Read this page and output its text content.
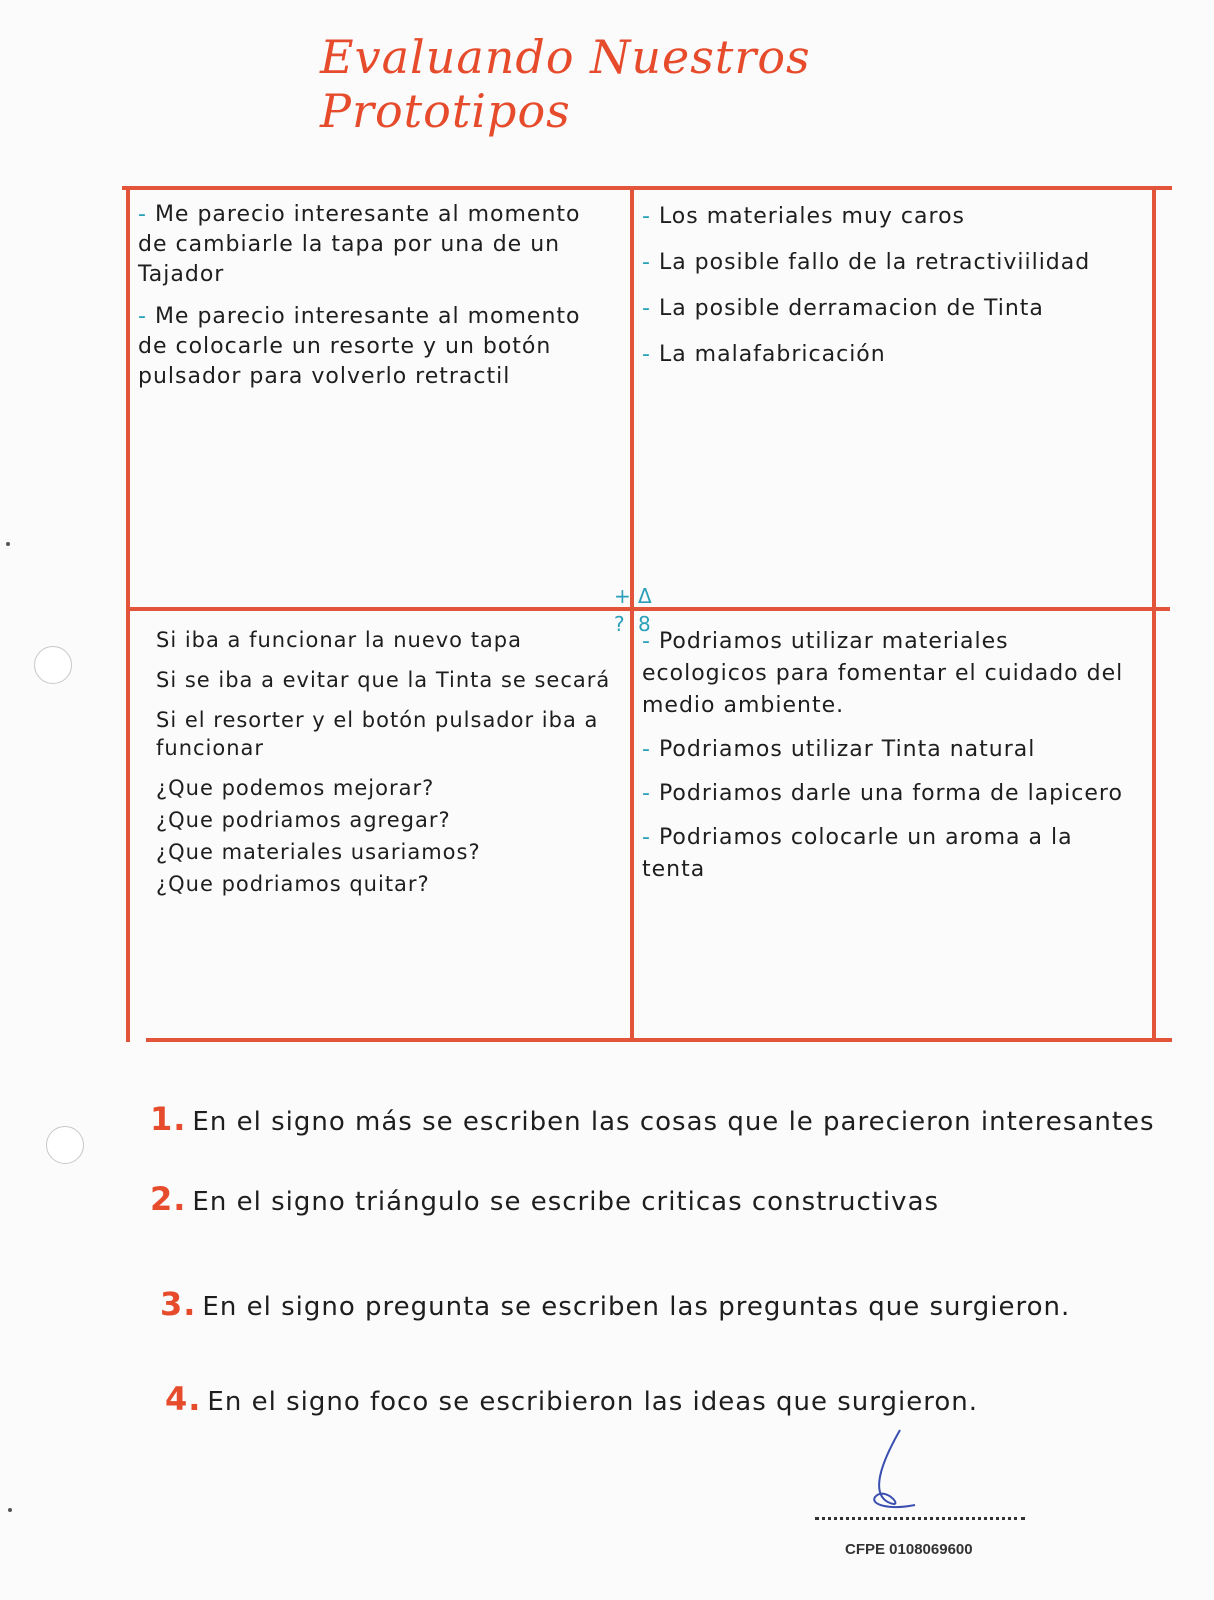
Evaluando Nuestros Prototipos
+ Δ
? 8

- Me parecio interesante al momento de cambiarle la tapa por una de un Tajador

- Me parecio interesante al momento de colocarle un resorte y un botón pulsador para volverlo retractil

- Los materiales muy caros

- La posible fallo de la retractiviilidad

- La posible derramacion de Tinta

- La malafabricación

Si iba a funcionar la nuevo tapa

Si se iba a evitar que la Tinta se secará

Si el resorter y el botón pulsador iba a funcionar

¿Que podemos mejorar?

¿Que podriamos agregar?

¿Que materiales usariamos?

¿Que podriamos quitar?

- Podriamos utilizar materiales ecologicos para fomentar el cuidado del medio ambiente.

- Podriamos utilizar Tinta natural

- Podriamos darle una forma de lapicero

- Podriamos colocarle un aroma a la tenta

1. En el signo más se escriben las cosas que le parecieron interesantes
2. En el signo triángulo se escribe criticas constructivas
3. En el signo pregunta se escriben las preguntas que surgieron.
4. En el signo foco se escribieron las ideas que surgieron.
CFPE 0108069600
